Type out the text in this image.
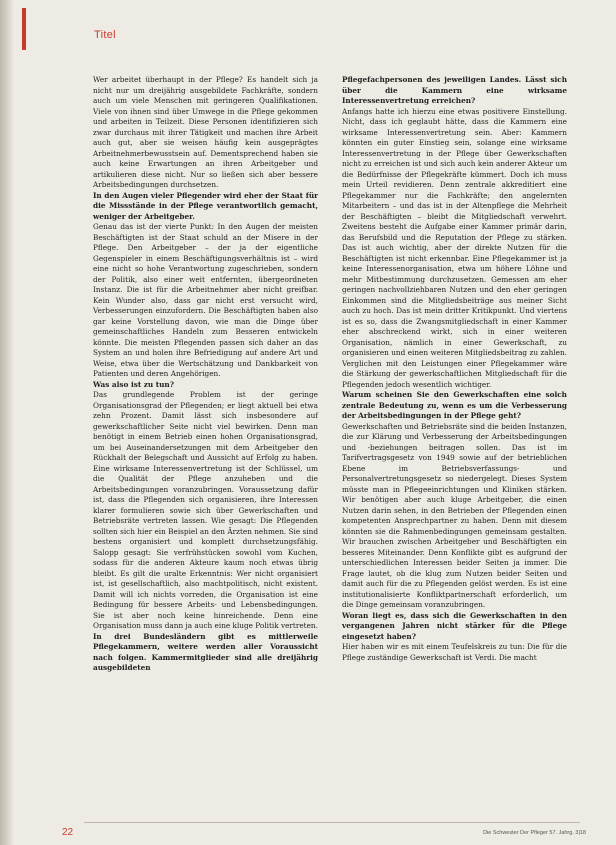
Titel

Wer arbeitet überhaupt in der Pflege? Es handelt sich ja nicht nur um dreijährig ausgebildete Fachkräfte, sondern auch um viele Menschen mit geringeren Qualifikationen. Viele von ihnen sind über Umwege in die Pflege gekommen und arbeiten in Teilzeit. Diese Personen identifizieren sich zwar durchaus mit ihrer Tätigkeit und machen ihre Arbeit auch gut, aber sie weisen häufig kein ausgeprägtes Arbeitnehmerbewusstsein auf. Dementsprechend haben sie auch keine Erwartungen an ihren Arbeitgeber und artikulieren diese nicht. Nur so ließen sich aber bessere Arbeitsbedingungen durchsetzen.

In den Augen vieler Pflegender wird eher der Staat für die Missstände in der Pflege verantwortlich gemacht, weniger der Arbeitgeber.

Genau das ist der vierte Punkt: In den Augen der meisten Beschäftigten ist der Staat schuld an der Misere in der Pflege. Den Arbeitgeber – der ja der eigentliche Gegenspieler in einem Beschäftigungsverhältnis ist – wird eine nicht so hohe Verantwortung zugeschrieben, sondern der Politik, also einer weit entfernten, übergeordneten Instanz. Die ist für die Arbeitnehmer aber nicht greifbar. Kein Wunder also, dass gar nicht erst versucht wird, Verbesserungen einzufordern. Die Beschäftigten haben also gar keine Vorstellung davon, wie man die Dinge über gemeinschaftliches Handeln zum Besseren entwickeln könnte. Die meisten Pflegenden passen sich daher an das System an und holen ihre Befriedigung auf andere Art und Weise, etwa über die Wertschätzung und Dankbarkeit von Patienten und deren Angehörigen.

Was also ist zu tun?

Das grundlegende Problem ist der geringe Organisationsgrad der Pflegenden; er liegt aktuell bei etwa zehn Prozent. Damit lässt sich insbesondere auf gewerkschaftlicher Seite nicht viel bewirken. Denn man benötigt in einem Betrieb einen hohen Organisationsgrad, um bei Auseinandersetzungen mit dem Arbeitgeber den Rückhalt der Belegschaft und Aussicht auf Erfolg zu haben. Eine wirksame Interessenvertretung ist der Schlüssel, um die Qualität der Pflege anzuheben und die Arbeitsbedingungen voranzubringen. Voraussetzung dafür ist, dass die Pflegenden sich organisieren, ihre Interessen klarer formulieren sowie sich über Gewerkschaften und Betriebsräte vertreten lassen. Wie gesagt: Die Pflegenden sollten sich hier ein Beispiel an den Ärzten nehmen. Sie sind bestens organisiert und komplett durchsetzungsfähig. Salopp gesagt: Sie verfrühstücken sowohl vom Kuchen, sodass für die anderen Akteure kaum noch etwas übrig bleibt. Es gilt die uralte Erkenntnis: Wer nicht organisiert ist, ist gesellschaftlich, also machtpolitisch, nicht existent. Damit will ich nichts vorreden, die Organisation ist eine Bedingung für bessere Arbeits- und Lebensbedingungen. Sie ist aber noch keine hinreichende. Denn eine Organisation muss dann ja auch eine kluge Politik vertreten.

In drei Bundesländern gibt es mittlerweile Pflegekammern, weitere werden aller Voraussicht nach folgen. Kammermitglieder sind alle dreijährig ausgebildeten

Pflegefachpersonen des jeweiligen Landes. Lässt sich über die Kammern eine wirksame Interessenvertretung erreichen?

Anfangs hatte ich hierzu eine etwas positivere Einstellung. Nicht, dass ich geglaubt hätte, dass die Kammern eine wirksame Interessenvertretung sein. Aber: Kammern könnten ein guter Einstieg sein, solange eine wirksame Interessenvertretung in der Pflege über Gewerkschaften nicht zu erreichen ist und sich auch kein anderer Akteur um die Bedürfnisse der Pflegekräfte kümmert. Doch ich muss mein Urteil revidieren. Denn zentrale akkreditiert eine Pflegekammer nur die Fachkräfte; den angelernten Mitarbeitern – und das ist in der Altenpflege die Mehrheit der Beschäftigten – bleibt die Mitgliedschaft verwehrt. Zweitens besteht die Aufgabe einer Kammer primär darin, das Berufsbild und die Reputation der Pflege zu stärken. Das ist auch wichtig, aber der direkte Nutzen für die Beschäftigten ist nicht erkennbar. Eine Pflegekammer ist ja keine Interessenorganisation, etwa um höhere Löhne und mehr Mitbestimmung durchzusetzen. Gemessen am eher geringen nachvollziehbaren Nutzen und den eher geringen Einkommen sind die Mitgliedsbeiträge aus meiner Sicht auch zu hoch. Das ist mein dritter Kritikpunkt. Und viertens ist es so, dass die Zwangsmitgliedschaft in einer Kammer eher abschreckend wirkt, sich in einer weiteren Organisation, nämlich in einer Gewerkschaft, zu organisieren und einen weiteren Mitgliedsbeitrag zu zahlen. Verglichen mit den Leistungen einer Pflegekammer wäre die Stärkung der gewerkschaftlichen Mitgliedschaft für die Pflegenden jedoch wesentlich wichtiger.

Warum scheinen Sie den Gewerkschaften eine solch zentrale Bedeutung zu, wenn es um die Verbesserung der Arbeitsbedingungen in der Pflege geht?

Gewerkschaften und Betriebsräte sind die beiden Instanzen, die zur Klärung und Verbesserung der Arbeitsbedingungen und -beziehungen beitragen sollen. Das ist im Tarifvertragsgesetz von 1949 sowie auf der betrieblichen Ebene im Betriebsverfassungs- und Personalvertretungsgesetz so niedergelegt. Dieses System müsste man in Pflegeeinrichtungen und Kliniken stärken. Wir benötigen aber auch kluge Arbeitgeber, die einen Nutzen darin sehen, in den Betrieben der Pflegenden einen kompetenten Ansprechpartner zu haben. Denn mit diesem könnten sie die Rahmenbedingungen gemeinsam gestalten. Wir brauchen zwischen Arbeitgeber und Beschäftigten ein besseres Miteinander. Denn Konflikte gibt es aufgrund der unterschiedlichen Interessen beider Seiten ja immer. Die Frage lautet, ob die klug zum Nutzen beider Seiten und damit auch für die zu Pflegenden gelöst werden. Es ist eine institutionalisierte Konfliktpartnerschaft erforderlich, um die Dinge gemeinsam voranzubringen.

Woran liegt es, dass sich die Gewerkschaften in den vergangenen Jahren nicht stärker für die Pflege eingesetzt haben?

Hier haben wir es mit einem Teufelskreis zu tun: Die für die Pflege zuständige Gewerkschaft ist Verdi. Die macht

22	Die Schwester Der Pfleger 57. Jahrg. 3|18
